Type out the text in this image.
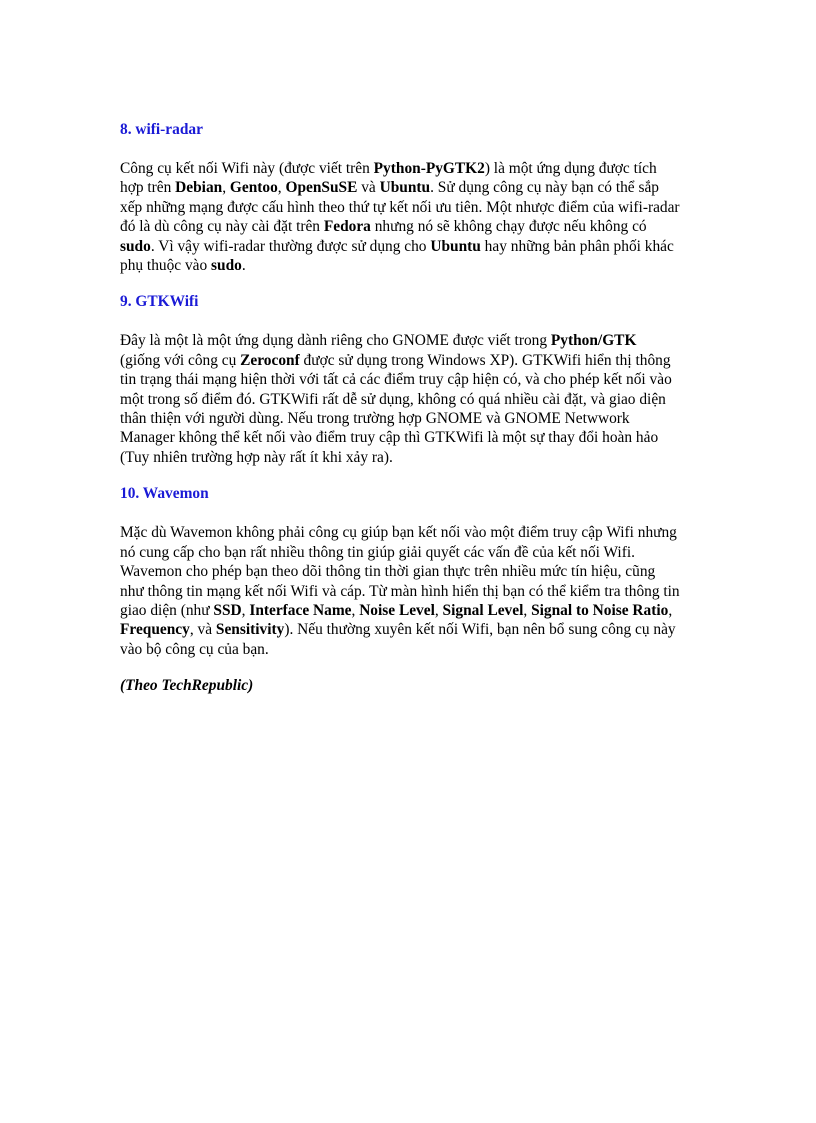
8. wifi-radar

Công cụ kết nối Wifi này (được viết trên Python-PyGTK2) là một ứng dụng được tích hợp trên Debian, Gentoo, OpenSuSE và Ubuntu. Sử dụng công cụ này bạn có thể sắp xếp những mạng được cấu hình theo thứ tự kết nối ưu tiên. Một nhược điểm của wifi-radar đó là dù công cụ này cài đặt trên Fedora nhưng nó sẽ không chạy được nếu không có sudo. Vì vậy wifi-radar thường được sử dụng cho Ubuntu hay những bản phân phối khác phụ thuộc vào sudo.

9. GTKWifi

Đây là một là một ứng dụng dành riêng cho GNOME được viết trong Python/GTK (giống với công cụ Zeroconf được sử dụng trong Windows XP). GTKWifi hiển thị thông tin trạng thái mạng hiện thời với tất cả các điểm truy cập hiện có, và cho phép kết nối vào một trong số điểm đó. GTKWifi rất dễ sử dụng, không có quá nhiều cài đặt, và giao diện thân thiện với người dùng. Nếu trong trường hợp GNOME và GNOME Netwwork Manager không thể kết nối vào điểm truy cập thì GTKWifi là một sự thay đổi hoàn hảo (Tuy nhiên trường hợp này rất ít khi xảy ra).

10. Wavemon

Mặc dù Wavemon không phải công cụ giúp bạn kết nối vào một điểm truy cập Wifi nhưng nó cung cấp cho bạn rất nhiều thông tin giúp giải quyết các vấn đề của kết nối Wifi. Wavemon cho phép bạn theo dõi thông tin thời gian thực trên nhiều mức tín hiệu, cũng như thông tin mạng kết nối Wifi và cáp. Từ màn hình hiển thị bạn có thể kiểm tra thông tin giao diện (như SSD, Interface Name, Noise Level, Signal Level, Signal to Noise Ratio, Frequency, và Sensitivity). Nếu thường xuyên kết nối Wifi, bạn nên bổ sung công cụ này vào bộ công cụ của bạn.

(Theo TechRepublic)
